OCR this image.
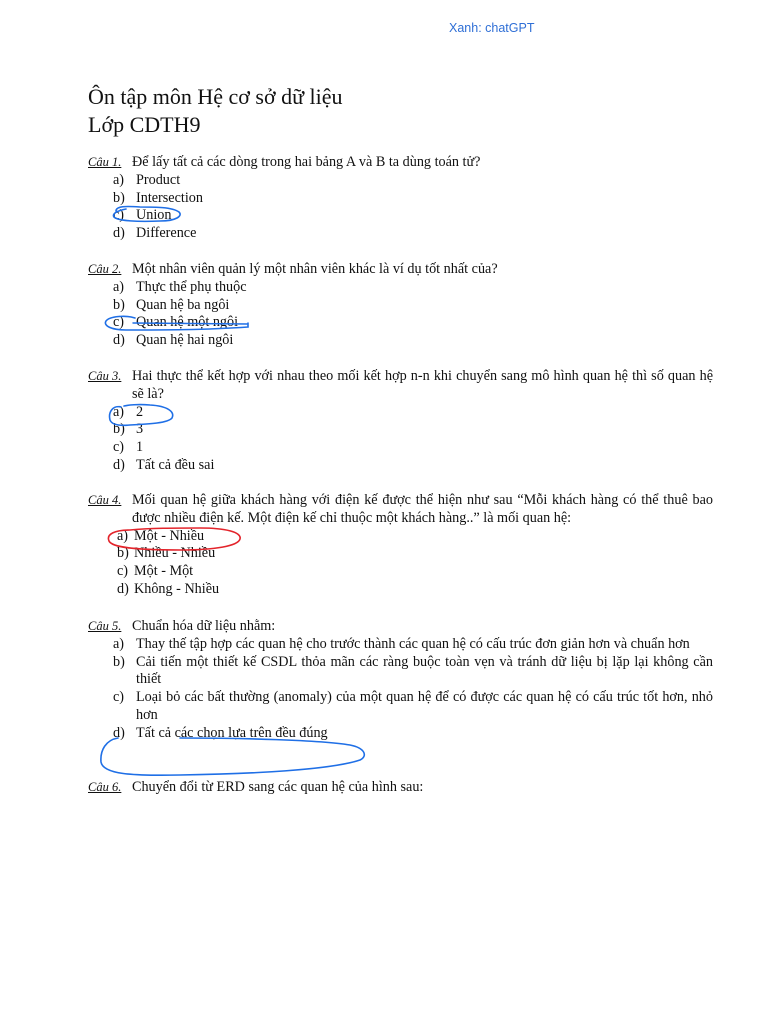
Xanh: chatGPT
Ôn tập môn Hệ cơ sở dữ liệu
Lớp CDTH9
Câu 1. Để lấy tất cả các dòng trong hai bảng A và B ta dùng toán tử?
a) Product
b) Intersection
c) Union
d) Difference
Câu 2. Một nhân viên quản lý một nhân viên khác là ví dụ tốt nhất của?
a) Thực thể phụ thuộc
b) Quan hệ ba ngôi
c) Quan hệ một ngôi
d) Quan hệ hai ngôi
Câu 3. Hai thực thể kết hợp với nhau theo mối kết hợp n-n khi chuyển sang mô hình quan hệ thì số quan hệ sẽ là?
a) 2
b) 3
c) 1
d) Tất cả đều sai
Câu 4. Mối quan hệ giữa khách hàng với điện kế được thể hiện như sau “Mỗi khách hàng có thể thuê bao được nhiều điện kế. Một điện kế chỉ thuộc một khách hàng..” là mối quan hệ:
a) Một - Nhiều
b) Nhiều - Nhiều
c) Một - Một
d) Không - Nhiều
Câu 5. Chuẩn hóa dữ liệu nhằm:
a) Thay thế tập hợp các quan hệ cho trước thành các quan hệ có cấu trúc đơn giản hơn và chuẩn hơn
b) Cải tiến một thiết kế CSDL thỏa mãn các ràng buộc toàn vẹn và tránh dữ liệu bị lặp lại không cần thiết
c) Loại bỏ các bất thường (anomaly) của một quan hệ để có được các quan hệ có cấu trúc tốt hơn, nhỏ hơn
d) Tất cả các chọn lựa trên đều đúng
Câu 6. Chuyển đổi từ ERD sang các quan hệ của hình sau:
